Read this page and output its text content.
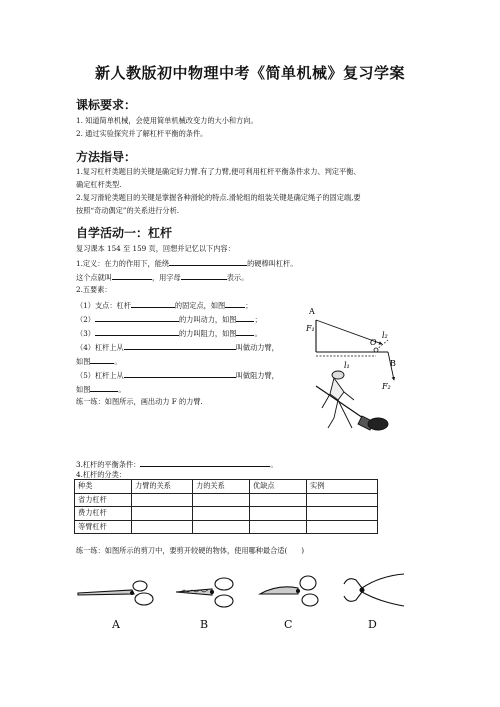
新人教版初中物理中考《简单机械》复习学案
课标要求：
1. 知道简单机械，会使用简单机械改变力的大小和方向。
2. 通过实验探究并了解杠杆平衡的条件。
方法指导：
1.复习杠杆类题目的关键是确定好力臂.有了力臂,便可利用杠杆平衡条件求力、判定平衡、
确定杠杆类型.
2.复习滑轮类题目的关键是掌握各种滑轮的特点.滑轮组的组装关键是确定绳子的固定端,要
按照“奇动偶定”的关系进行分析.
自学活动一：杠杆
复习课本 154 至 159 页，回想并记忆以下内容：
1.定义：在力的作用下，能绕	的硬棒叫杠杆。
这个点就叫	，用字母	表示。
2.五要素：
（1）支点：杠杆	的固定点，如图	；
（2）	的力叫动力，如图	；
（3）	的力叫阻力，如图	。
（4）杠杆上从	叫做动力臂，
如图	。
（5）杠杆上从	叫做阻力臂，
如图	。
练一练：如图所示，画出动力 F 的力臂.
A
F₁
O
l₂
B
l₁
F₂
3.杠杆的平衡条件：	。
4.杠杆的分类：
种类	力臂的关系	力的关系	优缺点	实例
省力杠杆				
费力杠杆				
等臂杠杆				
练一练：如图所示的剪刀中，要剪开较硬的物体，使用哪种最合适( )
A	B	C	D
